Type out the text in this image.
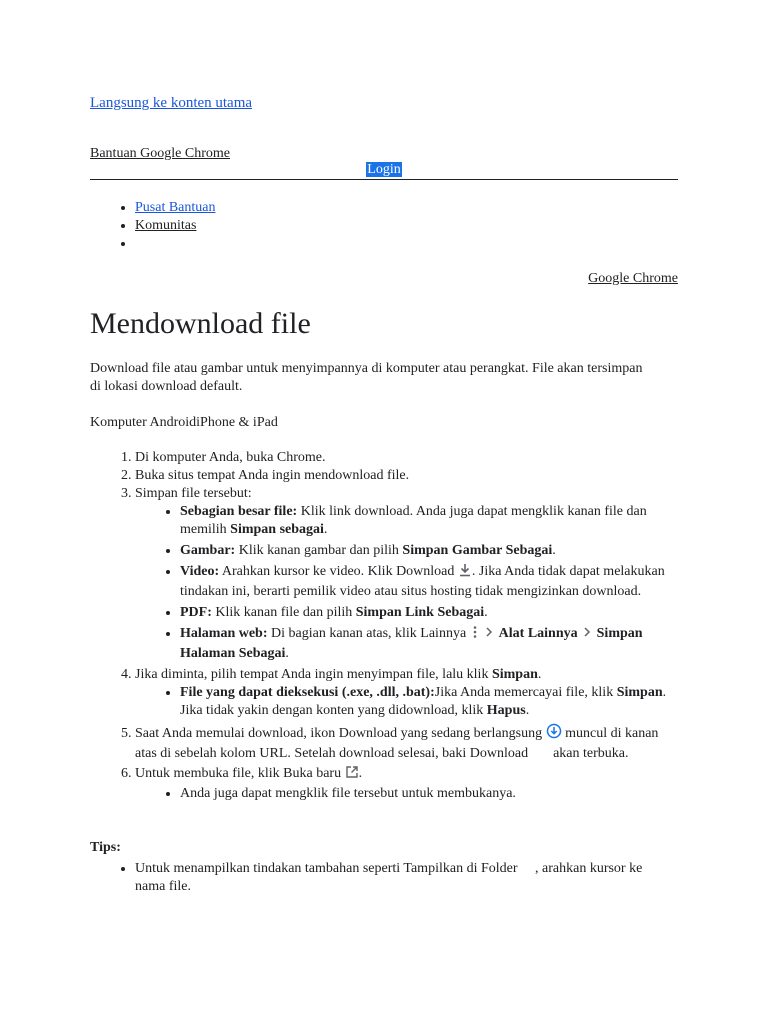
Langsung ke konten utama
Bantuan Google Chrome
Login
• Pusat Bantuan
• Komunitas
•
Google Chrome
Mendownload file

Download file atau gambar untuk menyimpannya di komputer atau perangkat. File akan tersimpan di lokasi download default.

Komputer AndroidiPhone & iPad

1. Di komputer Anda, buka Chrome.
2. Buka situs tempat Anda ingin mendownload file.
3. Simpan file tersebut:
• Sebagian besar file: Klik link download. Anda juga dapat mengklik kanan file dan memilih Simpan sebagai.
• Gambar: Klik kanan gambar dan pilih Simpan Gambar Sebagai.
• Video: Arahkan kursor ke video. Klik Download . Jika Anda tidak dapat melakukan tindakan ini, berarti pemilik video atau situs hosting tidak mengizinkan download.
• PDF: Klik kanan file dan pilih Simpan Link Sebagai.
• Halaman web: Di bagian kanan atas, klik Lainnya   Alat Lainnya Simpan Halaman Sebagai.
4. Jika diminta, pilih tempat Anda ingin menyimpan file, lalu klik Simpan.
• File yang dapat dieksekusi (.exe, .dll, .bat):Jika Anda memercayai file, klik Simpan. Jika tidak yakin dengan konten yang didownload, klik Hapus.
5. Saat Anda memulai download, ikon Download yang sedang berlangsung  muncul di kanan atas di sebelah kolom URL. Setelah download selesai, baki Download  akan terbuka.
6. Untuk membuka file, klik Buka baru .
• Anda juga dapat mengklik file tersebut untuk membukanya.

Tips:

• Untuk menampilkan tindakan tambahan seperti Tampilkan di Folder , arahkan kursor ke nama file.
